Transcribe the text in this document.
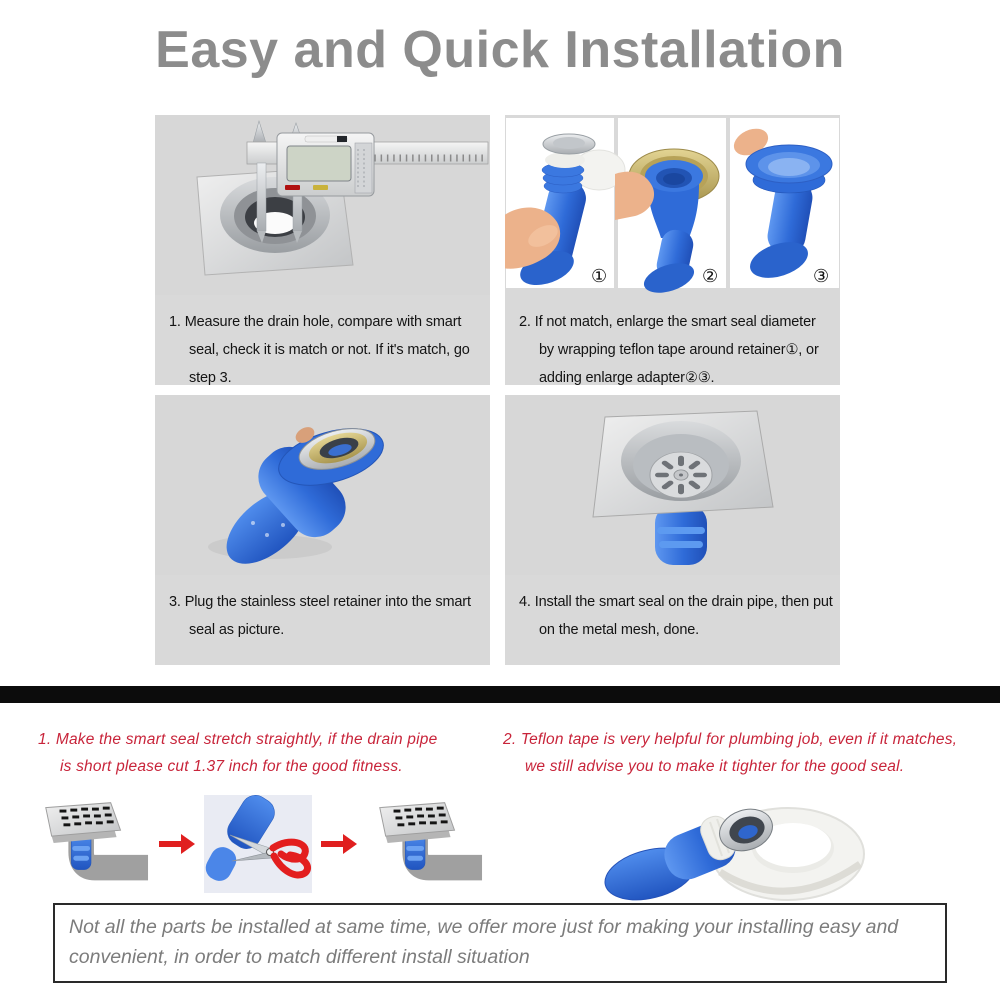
Easy and Quick Installation

1. Measure the drain hole, compare with smart seal, check it is match or not. If it's match, go step 3.

①	②	③

2. If not match, enlarge the smart seal diameter by wrapping teflon tape around retainer①, or adding enlarge adapter②③.

3. Plug the stainless steel retainer into the smart seal as picture.

4. Install the smart seal on the drain pipe, then put on the metal mesh, done.

1. Make the smart seal stretch straightly, if the drain pipe is short please cut 1.37 inch for the good fitness.

2. Teflon tape is very helpful for plumbing job, even if it matches, we still advise you to make it tighter for the good seal.

Not all the parts be installed at same time, we offer more just for making your installing easy and convenient, in order to match different install situation
